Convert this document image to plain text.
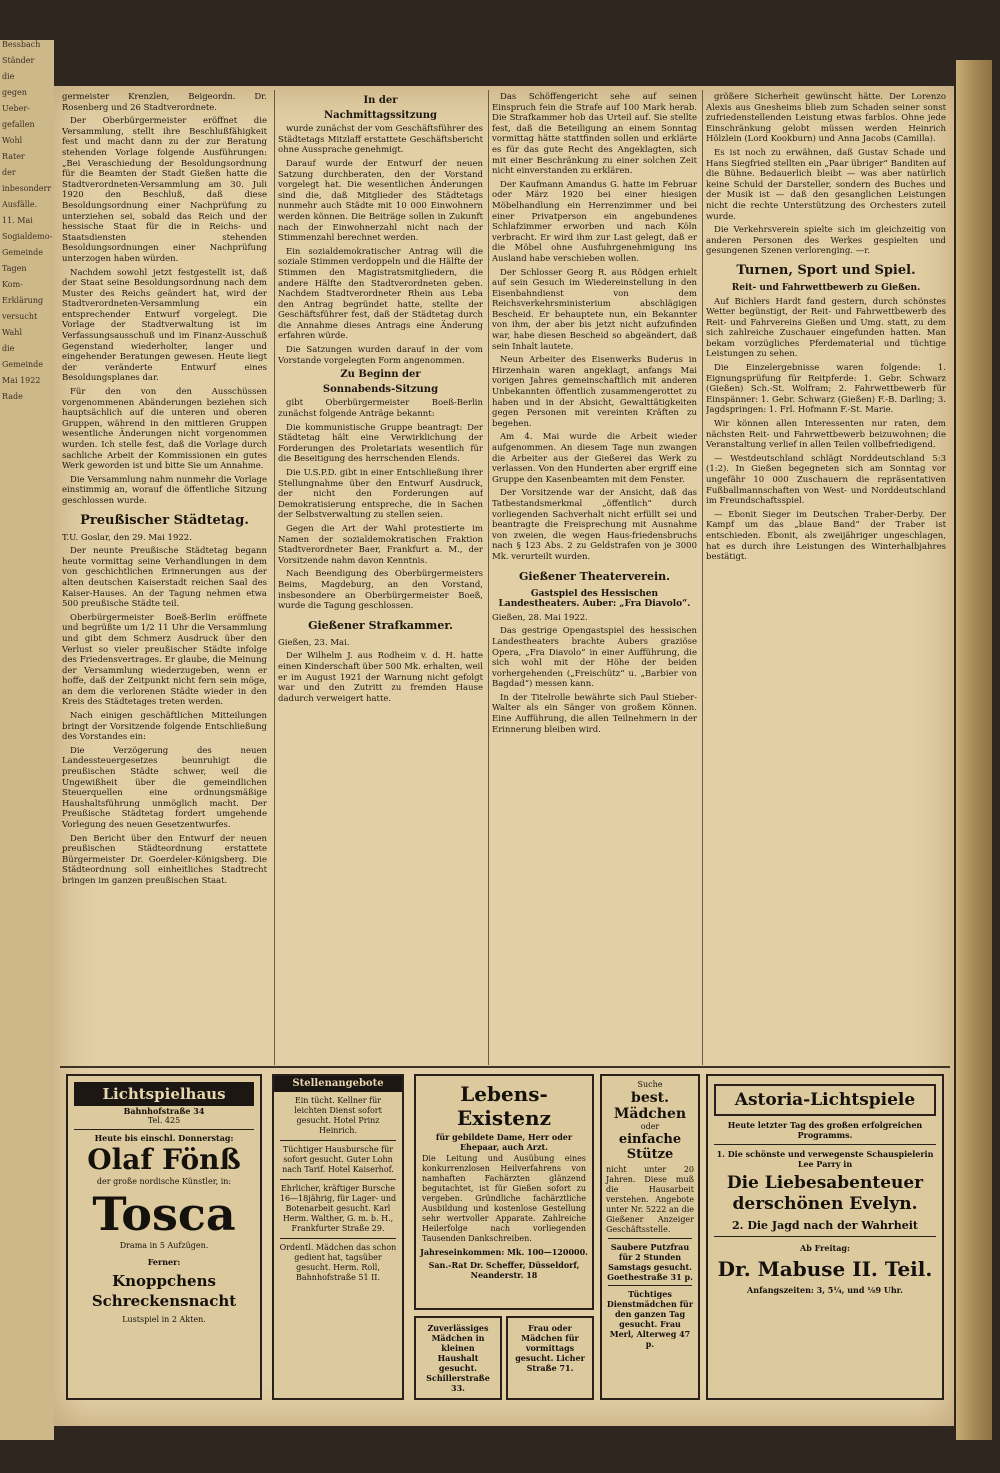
Bessbach

Ständer

die

gegen

Ueber-

gefallen

Wohl

Rater

der

inbesonderr

Ausfälle.

11. Mai

Sogialdemo-

Gemeinde

Tagen

Kom-

Erklärung

versucht

Wahl

die

Gemeinde

Mai 1922

Rade

germeister Krenzlen, Beigeordn. Dr. Rosenberg und 26 Stadtverordnete.

Der Oberbürgermeister eröffnet die Versammlung, stellt ihre Beschlußfähigkeit fest und macht dann zu der zur Beratung stehenden Vorlage folgende Ausführungen: „Bei Veraschiedung der Besoldungsordnung für die Beamten der Stadt Gießen hatte die Stadtverordneten-Versammlung am 30. Juli 1920 den Beschluß, daß diese Besoldungsordnung einer Nachprüfung zu unterziehen sei, sobald das Reich und der hessische Staat für die in Reichs- und Staatsdiensten stehenden Besoldungsordnungen einer Nachprüfung unterzogen haben würden.

Nachdem sowohl jetzt festgestellt ist, daß der Staat seine Besoldungsordnung nach dem Muster des Reichs geändert hat, wird der Stadtverordneten-Versammlung ein entsprechender Entwurf vorgelegt. Die Vorlage der Stadtverwaltung ist im Verfassungsausschuß und im Finanz-Ausschuß Gegenstand wiederholter, langer und eingehender Beratungen gewesen. Heute liegt der veränderte Entwurf eines Besoldungsplanes dar.

Für den von den Ausschüssen vorgenommenen Abänderungen beziehen sich hauptsächlich auf die unteren und oberen Gruppen, während in den mittleren Gruppen wesentliche Änderungen nicht vorgenommen wurden. Ich stelle fest, daß die Vorlage durch sachliche Arbeit der Kommissionen ein gutes Werk geworden ist und bitte Sie um Annahme.

Die Versammlung nahm nunmehr die Vorlage einstimmig an, worauf die öffentliche Sitzung geschlossen wurde.

Preußischer Städtetag.

T.U. Goslar, den 29. Mai 1922.

Der neunte Preußische Städtetag begann heute vormittag seine Verhandlungen in dem von geschichtlichen Erinnerungen aus der alten deutschen Kaiserstadt reichen Saal des Kaiser-Hauses. An der Tagung nehmen etwa 500 preußische Städte teil.

Oberbürgermeister Boeß-Berlin eröffnete und begrüßte um 1/2 11 Uhr die Versammlung und gibt dem Schmerz Ausdruck über den Verlust so vieler preußischer Städte infolge des Friedensvertrages. Er glaube, die Meinung der Versammlung wiederzugeben, wenn er hoffe, daß der Zeitpunkt nicht fern sein möge, an dem die verlorenen Städte wieder in den Kreis des Städtetages treten werden.

Nach einigen geschäftlichen Mitteilungen bringt der Vorsitzende folgende Entschließung des Vorstandes ein:

Die Verzögerung des neuen Landessteuergesetzes beunruhigt die preußischen Städte schwer, weil die Ungewißheit über die gemeindlichen Steuerquellen eine ordnungsmäßige Haushaltsführung unmöglich macht. Der Preußische Städtetag fordert umgehende Vorlegung des neuen Gesetzentwurfes.

Den Bericht über den Entwurf der neuen preußischen Städteordnung erstattete Bürgermeister Dr. Goerdeler-Königsberg. Die Städteordnung soll einheitliches Stadtrecht bringen im ganzen preußischen Staat.

In der

Nachmittagssitzung

wurde zunächst der vom Geschäftsführer des Städtetags Mitzlaff erstattete Geschäftsbericht ohne Aussprache genehmigt.

Darauf wurde der Entwurf der neuen Satzung durchberaten, den der Vorstand vorgelegt hat. Die wesentlichen Änderungen sind die, daß Mitglieder des Städtetags nunmehr auch Städte mit 10 000 Einwohnern werden können. Die Beiträge sollen in Zukunft nach der Einwohnerzahl nicht nach der Stimmenzahl berechnet werden.

Ein sozialdemokratischer Antrag will die soziale Stimmen verdoppeln und die Hälfte der Stimmen den Magistratsmitgliedern, die andere Hälfte den Stadtverordneten geben. Nachdem Stadtverordneter Rhein aus Leba den Antrag begründet hatte, stellte der Geschäftsführer fest, daß der Städtetag durch die Annahme dieses Antrags eine Änderung erfahren würde.

Die Satzungen wurden darauf in der vom Vorstande vorgelegten Form angenommen.

Zu Beginn der

Sonnabends-Sitzung

gibt Oberbürgermeister Boeß-Berlin zunächst folgende Anträge bekannt:

Die kommunistische Gruppe beantragt: Der Städtetag hält eine Verwirklichung der Forderungen des Proletariats wesentlich für die Beseitigung des herrschenden Elends.

Die U.S.P.D. gibt in einer Entschließung ihrer Stellungnahme über den Entwurf Ausdruck, der nicht den Forderungen auf Demokratisierung entspreche, die in Sachen der Selbstverwaltung zu stellen seien.

Gegen die Art der Wahl protestierte im Namen der sozialdemokratischen Fraktion Stadtverordneter Baer, Frankfurt a. M., der Vorsitzende nahm davon Kenntnis.

Nach Beendigung des Oberbürgermeisters Beims, Magdeburg, an den Vorstand, insbesondere an Oberbürgermeister Boeß, wurde die Tagung geschlossen.

Gießener Strafkammer.

Gießen, 23. Mai.

Der Wilhelm J. aus Rodheim v. d. H. hatte einen Kinderschaft über 500 Mk. erhalten, weil er im August 1921 der Warnung nicht gefolgt war und den Zutritt zu fremden Hause dadurch verweigert hatte.

Das Schöffengericht sehe auf seinen Einspruch fein die Strafe auf 100 Mark herab. Die Strafkammer hob das Urteil auf. Sie stellte fest, daß die Beteiligung an einem Sonntag vormittag hätte stattfinden sollen und erklärte es für das gute Recht des Angeklagten, sich mit einer Beschränkung zu einer solchen Zeit nicht einverstanden zu erklären.

Der Kaufmann Amandus G. hatte im Februar oder März 1920 bei einer hiesigen Möbelhandlung ein Herrenzimmer und bei einer Privatperson ein angebundenes Schlafzimmer erworben und nach Köln verbracht. Er wird ihm zur Last gelegt, daß er die Möbel ohne Ausfuhrgenehmigung ins Ausland habe verschieben wollen.

Der Schlosser Georg R. aus Rödgen erhielt auf sein Gesuch im Wiedereinstellung in den Eisenbahndienst von dem Reichsverkehrsministerium abschlägigen Bescheid. Er behauptete nun, ein Bekannter von ihm, der aber bis jetzt nicht aufzufinden war, habe diesen Bescheid so abgeändert, daß sein Inhalt lautete.

Neun Arbeiter des Eisenwerks Buderus in Hirzenhain waren angeklagt, anfangs Mai vorigen Jahres gemeinschaftlich mit anderen Unbekannten öffentlich zusammengerottet zu haben und in der Absicht, Gewalttätigkeiten gegen Personen mit vereinten Kräften zu begehen.

Am 4. Mai wurde die Arbeit wieder aufgenommen. An diesem Tage nun zwangen die Arbeiter aus der Gießerei das Werk zu verlassen. Von den Hunderten aber ergriff eine Gruppe den Kasenbeamten mit dem Fenster.

Der Vorsitzende war der Ansicht, daß das Tatbestandsmerkmal „öffentlich“ durch vorliegenden Sachverhalt nicht erfüllt sei und beantragte die Freisprechung mit Ausnahme von zweien, die wegen Haus-friedensbruchs nach § 123 Abs. 2 zu Geldstrafen von je 3000 Mk. verurteilt wurden.

Gießener Theaterverein.

Gastspiel des Hessischen Landestheaters. Auber: „Fra Diavolo“.

Gießen, 28. Mai 1922.

Das gestrige Opengastspiel des hessischen Landestheaters brachte Aubers graziöse Opera, „Fra Diavolo“ in einer Aufführung, die sich wohl mit der Höhe der beiden vorhergehenden („Freischütz“ u. „Barbier von Bagdad“) messen kann.

In der Titelrolle bewährte sich Paul Stieber-Walter als ein Sänger von großem Können. Eine Aufführung, die allen Teilnehmern in der Erinnerung bleiben wird.

größere Sicherheit gewünscht hätte. Der Lorenzo Alexis aus Gnesheims blieb zum Schaden seiner sonst zufriedenstellenden Leistung etwas farblos. Ohne jede Einschränkung gelobt müssen werden Heinrich Hölzlein (Lord Kookburn) und Anna Jacobs (Camilla).

Es ist noch zu erwähnen, daß Gustav Schade und Hans Siegfried stellten ein „Paar übriger“ Banditen auf die Bühne. Bedauerlich bleibt — was aber natürlich keine Schuld der Darsteller, sondern des Buches und der Musik ist — daß den gesanglichen Leistungen nicht die rechte Unterstützung des Orchesters zuteil wurde.

Die Verkehrsverein spielte sich im gleichzeitig von anderen Personen des Werkes gespielten und gesungenen Szenen verlorenging. —r.

Turnen, Sport und Spiel.

Reit- und Fahrwettbewerb zu Gießen.

Auf Bichlers Hardt fand gestern, durch schönstes Wetter begünstigt, der Reit- und Fahrwettbewerb des Reit- und Fahrvereins Gießen und Umg. statt, zu dem sich zahlreiche Zuschauer eingefunden hatten. Man bekam vorzügliches Pferdematerial und tüchtige Leistungen zu sehen.

Die Einzelergebnisse waren folgende: 1. Eignungsprüfung für Reitpferde: 1. Gebr. Schwarz (Gießen) Sch.-St. Wolfram; 2. Fahrwettbewerb für Einspänner: 1. Gebr. Schwarz (Gießen) F.-B. Darling; 3. Jagdspringen: 1. Frl. Hofmann F.-St. Marie.

Wir können allen Interessenten nur raten, dem nächsten Reit- und Fahrwettbewerb beizuwohnen; die Veranstaltung verlief in allen Teilen vollbefriedigend.

— Westdeutschland schlägt Norddeutschland 5:3 (1:2). In Gießen begegneten sich am Sonntag vor ungefähr 10 000 Zuschauern die repräsentativen Fußballmannschaften von West- und Norddeutschland im Freundschaftsspiel.

— Ebonit Sieger im Deutschen Traber-Derby. Der Kampf um das „blaue Band“ der Traber ist entschieden. Ebonit, als zweijähriger ungeschlagen, hat es durch ihre Leistungen des Winterhalbjahres bestätigt.

Lichtspielhaus
Bahnhofstraße 34
Tel. 425
Heute bis einschl. Donnerstag:
Olaf Fönß
der große nordische Künstler, in:
Tosca
Drama in 5 Aufzügen.
Ferner:
Knoppchens Schreckensnacht
Lustspiel in 2 Akten.
Stellenangebote
Ein tücht. Kellner für leichten Dienst sofort gesucht. Hotel Prinz Heinrich.
Tüchtiger Hausbursche für sofort gesucht. Guter Lohn nach Tarif. Hotel Kaiserhof.
Ehrlicher, kräftiger Bursche 16—18jährig, für Lager- und Botenarbeit gesucht. Karl Herm. Walther, G. m. b. H., Frankfurter Straße 29.
Ordentl. Mädchen das schon gedient hat, tagsüber gesucht. Herm. Roll, Bahnhofstraße 51 II.
Lebens-Existenz
für gebildete Dame, Herr oder Ehepaar, auch Arzt.
Die Leitung und Ausübung eines konkurrenzlosen Heilverfahrens von namhaften Fachärzten glänzend begutachtet, ist für Gießen sofort zu vergeben. Gründliche fachärztliche Ausbildung und kostenlose Gestellung sehr wertvoller Apparate. Zahlreiche Heilerfolge nach vorliegenden Tausenden Dankschreiben.
Jahreseinkommen: Mk. 100—120000.
San.-Rat Dr. Scheffer, Düsseldorf, Neanderstr. 18
Zuverlässiges Mädchen in kleinen Haushalt gesucht. Schillerstraße 33.
Frau oder Mädchen für vormittags gesucht. Licher Straße 71.
Suche
best. Mädchen
oder
einfache Stütze
nicht unter 20 Jahren. Diese muß die Hausarbeit verstehen. Angebote unter Nr. 5222 an die Gießener Anzeiger Geschäftsstelle.
Saubere Putzfrau für 2 Stunden Samstags gesucht. Goethestraße 31 p.
Tüchtiges Dienstmädchen für den ganzen Tag gesucht. Frau Merl, Alterweg 47 p.
Astoria-Lichtspiele
Heute letzter Tag des großen erfolgreichen Programms.
1. Die schönste und verwegenste Schauspielerin Lee Parry in
Die Liebesabenteuer derschönen Evelyn.
2. Die Jagd nach der Wahrheit
Ab Freitag:
Dr. Mabuse II. Teil.
Anfangszeiten: 3, 5¼, und ⅛9 Uhr.
